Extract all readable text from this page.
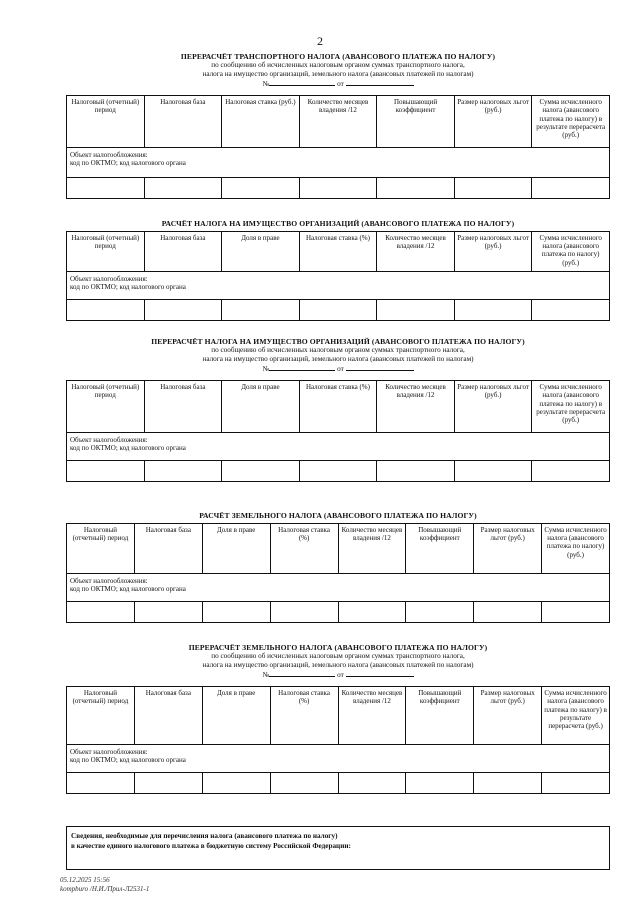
2
ПЕРЕРАСЧЁТ ТРАНСПОРТНОГО НАЛОГА (АВАНСОВОГО ПЛАТЕЖА ПО НАЛОГУ)
по сообщению об исчисленных налоговым органом суммах транспортного налога,
налога на имущество организаций, земельного налога (авансовых платежей по налогам)
№	от
Налоговый (отчетный) период	Налоговая база	Налоговая ставка (руб.)	Количество месяцев владения /12	Повышающий коэффициент	Размер налоговых льгот (руб.)	Сумма исчисленного налога (авансового платежа по налогу) в результате перерасчета (руб.)
Объект налогообложения:
код по ОКТМО; код налогового органа						

РАСЧЁТ НАЛОГА НА ИМУЩЕСТВО ОРГАНИЗАЦИЙ (АВАНСОВОГО ПЛАТЕЖА ПО НАЛОГУ)
Налоговый (отчетный) период	Налоговая база	Доля в праве	Налоговая ставка (%)	Количество месяцев владения /12	Размер налоговых льгот (руб.)	Сумма исчисленного налога (авансового платежа по налогу) (руб.)
Объект налогообложения:
код по ОКТМО; код налогового органа						

ПЕРЕРАСЧЁТ НАЛОГА НА ИМУЩЕСТВО ОРГАНИЗАЦИЙ (АВАНСОВОГО ПЛАТЕЖА ПО НАЛОГУ)
по сообщению об исчисленных налоговым органом суммах транспортного налога,
налога на имущество организаций, земельного налога (авансовых платежей по налогам)
№	от
Налоговый (отчетный) период	Налоговая база	Доля в праве	Налоговая ставка (%)	Количество месяцев владения /12	Размер налоговых льгот (руб.)	Сумма исчисленного налога (авансового платежа по налогу) в результате перерасчета (руб.)
Объект налогообложения:
код по ОКТМО; код налогового органа						

РАСЧЁТ ЗЕМЕЛЬНОГО НАЛОГА (АВАНСОВОГО ПЛАТЕЖА ПО НАЛОГУ)
Налоговый (отчетный) период	Налоговая база	Доля в праве	Налоговая ставка (%)	Количество месяцев владения /12	Повышающий коэффициент	Размер налоговых льгот (руб.)	Сумма исчисленного налога (авансового платежа по налогу) (руб.)
Объект налогообложения:
код по ОКТМО; код налогового органа							

ПЕРЕРАСЧЁТ ЗЕМЕЛЬНОГО НАЛОГА (АВАНСОВОГО ПЛАТЕЖА ПО НАЛОГУ)
по сообщению об исчисленных налоговым органом суммах транспортного налога,
налога на имущество организаций, земельного налога (авансовых платежей по налогам)
№	от
Налоговый (отчетный) период	Налоговая база	Доля в праве	Налоговая ставка (%)	Количество месяцев владения /12	Повышающий коэффициент	Размер налоговых льгот (руб.)	Сумма исчисленного налога (авансового платежа по налогу) в результате перерасчета (руб.)
Объект налогообложения:
код по ОКТМО; код налогового органа							

Сведения, необходимые для перечисления налога (авансового платежа по налогу)
в качестве единого налогового платежа в бюджетную систему Российской Федерации:
05.12.2025 15:56
kompburo /Н.И./Прил-Л2531-1
